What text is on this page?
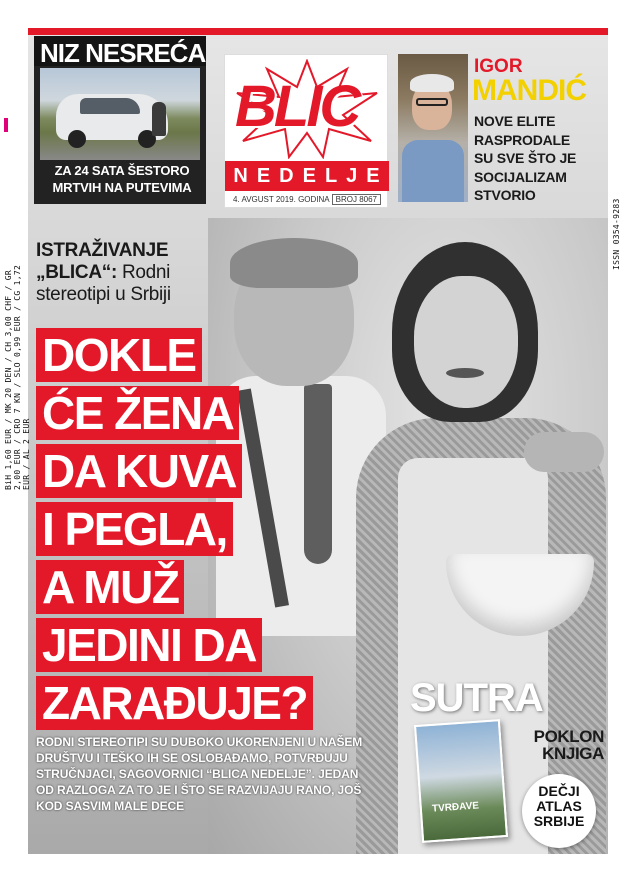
NIZ NESREĆA
ZA 24 SATA ŠESTORO MRTVIH NA PUTEVIMA
BLIC
NEDELJE
4. AVGUST 2019. GODINA BROJ 8067
IGOR
MANDIĆ
NOVE ELITE
RASPRODALE
SU SVE ŠTO JE
SOCIJALIZAM
STVORIO
ISTRAŽIVANJE
„BLICA“: Rodni
stereotipi u Srbiji
DOKLE
ĆE ŽENA
DA KUVA
I PEGLA,
A MUŽ
JEDINI DA
ZARAĐUJE?
RODNI STEREOTIPI SU DUBOKO UKORENJENI U NAŠEM DRUŠTVU I TEŠKO IH SE OSLOBAĐAMO, POTVRĐUJU STRUČNJACI, SAGOVORNICI “BLICA NEDELJE”. JEDAN OD RAZLOGA ZA TO JE I ŠTO SE RAZVIJAJU RANO, JOŠ KOD SASVIM MALE DECE
SUTRA
TVRĐAVE
POKLON
KNJIGA
DEČJI
ATLAS
SRBIJE
ISSN 0354-9283
BiH 1,60 EUR / MK 20 DEN / CH 3,00 CHF / GR 2,00 EUR / CRO 7 KN / SLO 0,99 EUR / CG 1,72 EUR / AL 2 EUR
